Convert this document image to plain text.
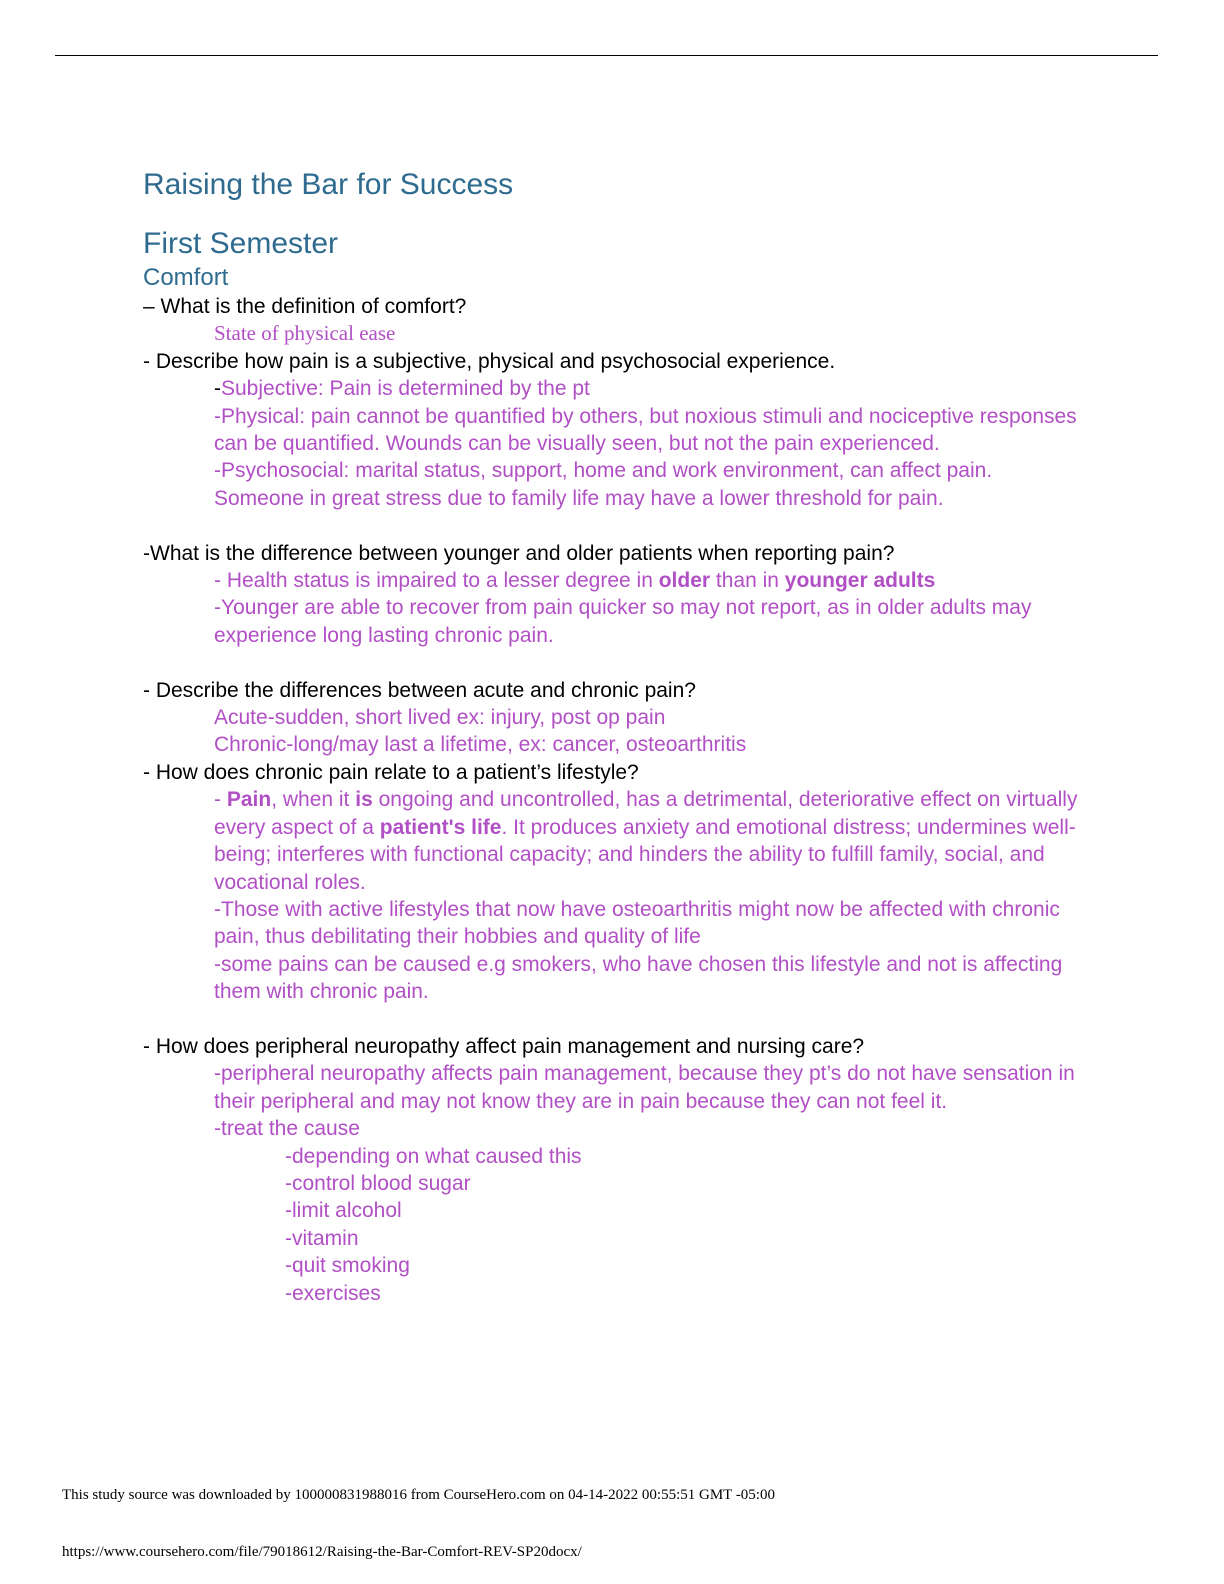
Raising the Bar for Success
First Semester
Comfort
– What is the definition of comfort?
State of physical ease
- Describe how pain is a subjective, physical and psychosocial experience.
-Subjective: Pain is determined by the pt
-Physical: pain cannot be quantified by others, but noxious stimuli and nociceptive responses can be quantified. Wounds can be visually seen, but not the pain experienced.
-Psychosocial: marital status, support, home and work environment, can affect pain. Someone in great stress due to family life may have a lower threshold for pain.
-What is the difference between younger and older patients when reporting pain?
- Health status is impaired to a lesser degree in older than in younger adults
-Younger are able to recover from pain quicker so may not report, as in older adults may experience long lasting chronic pain.
- Describe the differences between acute and chronic pain?
Acute-sudden, short lived ex: injury, post op pain
Chronic-long/may last a lifetime, ex: cancer, osteoarthritis
- How does chronic pain relate to a patient’s lifestyle?
- Pain, when it is ongoing and uncontrolled, has a detrimental, deteriorative effect on virtually every aspect of a patient's life. It produces anxiety and emotional distress; undermines well-being; interferes with functional capacity; and hinders the ability to fulfill family, social, and vocational roles.
-Those with active lifestyles that now have osteoarthritis might now be affected with chronic pain, thus debilitating their hobbies and quality of life
-some pains can be caused e.g smokers, who have chosen this lifestyle and not is affecting them with chronic pain.
- How does peripheral neuropathy affect pain management and nursing care?
-peripheral neuropathy affects pain management, because they pt’s do not have sensation in their peripheral and may not know they are in pain because they can not feel it.
-treat the cause
-depending on what caused this
-control blood sugar
-limit alcohol
-vitamin
-quit smoking
-exercises
This study source was downloaded by 100000831988016 from CourseHero.com on 04-14-2022 00:55:51 GMT -05:00
https://www.coursehero.com/file/79018612/Raising-the-Bar-Comfort-REV-SP20docx/
